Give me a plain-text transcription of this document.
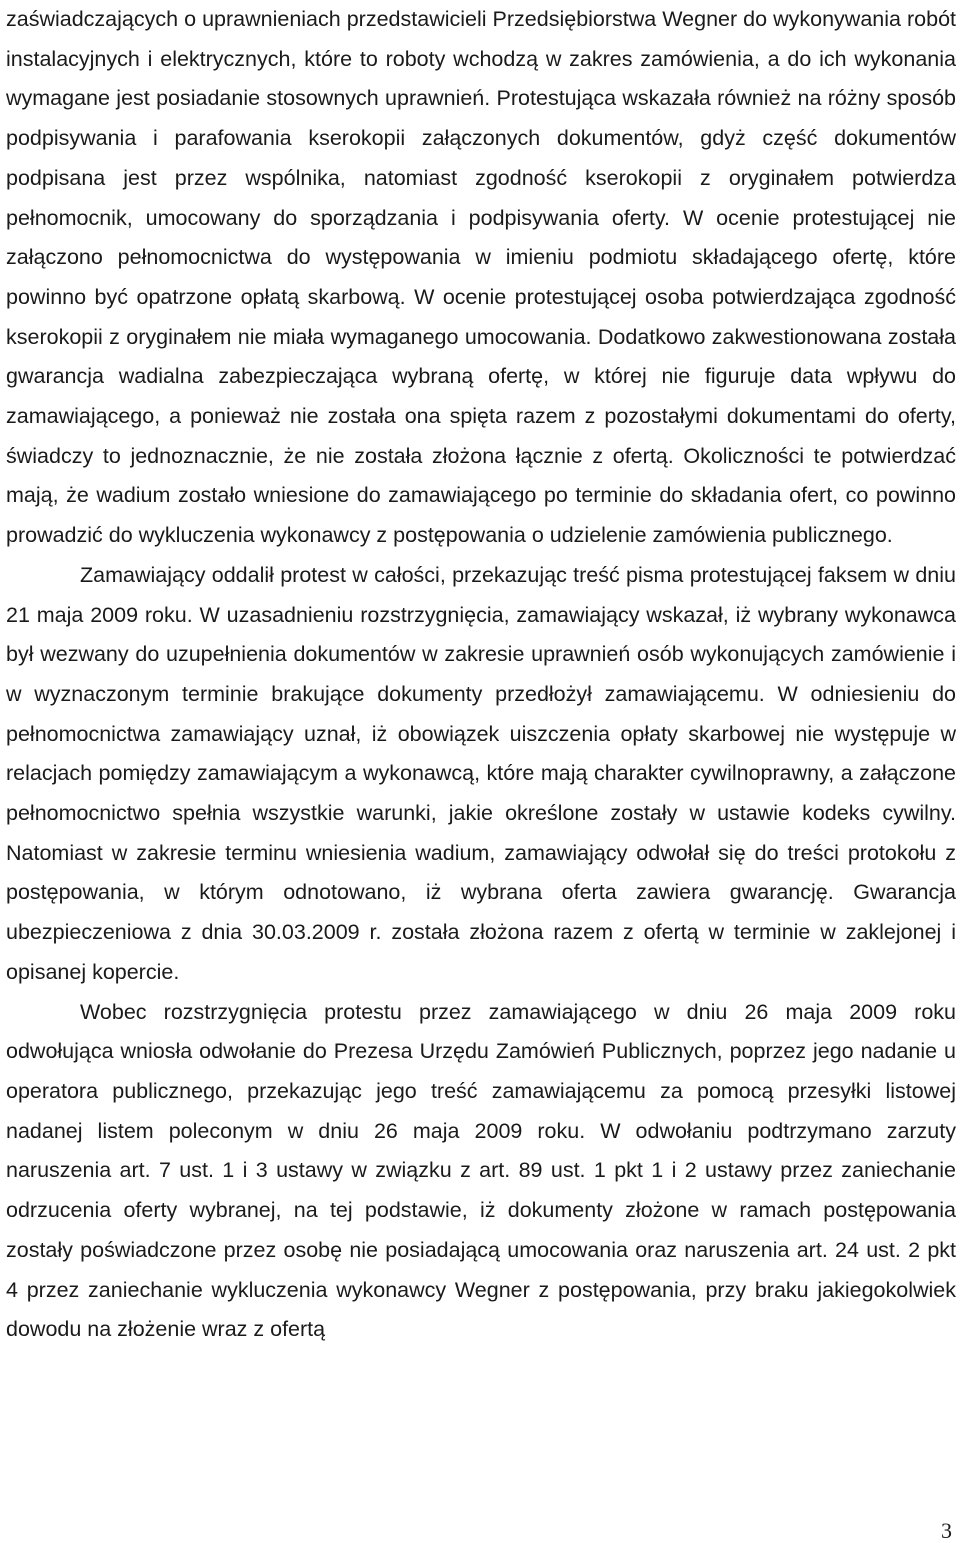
zaświadczających o uprawnieniach przedstawicieli Przedsiębiorstwa Wegner do wykonywania robót instalacyjnych i elektrycznych, które to roboty wchodzą w zakres zamówienia, a do ich wykonania wymagane jest posiadanie stosownych uprawnień. Protestująca wskazała również na różny sposób podpisywania i parafowania kserokopii załączonych dokumentów, gdyż część dokumentów podpisana jest przez wspólnika, natomiast zgodność kserokopii z oryginałem potwierdza pełnomocnik, umocowany do sporządzania i podpisywania oferty. W ocenie protestującej nie załączono pełnomocnictwa do występowania w imieniu podmiotu składającego ofertę, które powinno być opatrzone opłatą skarbową. W ocenie protestującej osoba potwierdzająca zgodność kserokopii z oryginałem nie miała wymaganego umocowania. Dodatkowo zakwestionowana została gwarancja wadialna zabezpieczająca wybraną ofertę, w której nie figuruje data wpływu do zamawiającego, a ponieważ nie została ona spięta razem z pozostałymi dokumentami do oferty, świadczy to jednoznacznie, że nie została złożona łącznie z ofertą. Okoliczności te potwierdzać mają, że wadium zostało wniesione do zamawiającego po terminie do składania ofert, co powinno prowadzić do wykluczenia wykonawcy z postępowania o udzielenie zamówienia publicznego.

Zamawiający oddalił protest w całości, przekazując treść pisma protestującej faksem w dniu 21 maja 2009 roku. W uzasadnieniu rozstrzygnięcia, zamawiający wskazał, iż wybrany wykonawca był wezwany do uzupełnienia dokumentów w zakresie uprawnień osób wykonujących zamówienie i w wyznaczonym terminie brakujące dokumenty przedłożył zamawiającemu. W odniesieniu do pełnomocnictwa zamawiający uznał, iż obowiązek uiszczenia opłaty skarbowej nie występuje w relacjach pomiędzy zamawiającym a wykonawcą, które mają charakter cywilnoprawny, a załączone pełnomocnictwo spełnia wszystkie warunki, jakie określone zostały w ustawie kodeks cywilny. Natomiast w zakresie terminu wniesienia wadium, zamawiający odwołał się do treści protokołu z postępowania, w którym odnotowano, iż wybrana oferta zawiera gwarancję. Gwarancja ubezpieczeniowa z dnia 30.03.2009 r. została złożona razem z ofertą w terminie w zaklejonej i opisanej kopercie.

Wobec rozstrzygnięcia protestu przez zamawiającego w dniu 26 maja 2009 roku odwołująca wniosła odwołanie do Prezesa Urzędu Zamówień Publicznych, poprzez jego nadanie u operatora publicznego, przekazując jego treść zamawiającemu za pomocą przesyłki listowej nadanej listem poleconym w dniu 26 maja 2009 roku. W odwołaniu podtrzymano zarzuty naruszenia art. 7 ust. 1 i 3 ustawy w związku z art. 89 ust. 1 pkt 1 i 2 ustawy przez zaniechanie odrzucenia oferty wybranej, na tej podstawie, iż dokumenty złożone w ramach postępowania zostały poświadczone przez osobę nie posiadającą umocowania oraz naruszenia art. 24 ust. 2 pkt 4 przez zaniechanie wykluczenia wykonawcy Wegner z postępowania, przy braku jakiegokolwiek dowodu na złożenie wraz z ofertą

3
